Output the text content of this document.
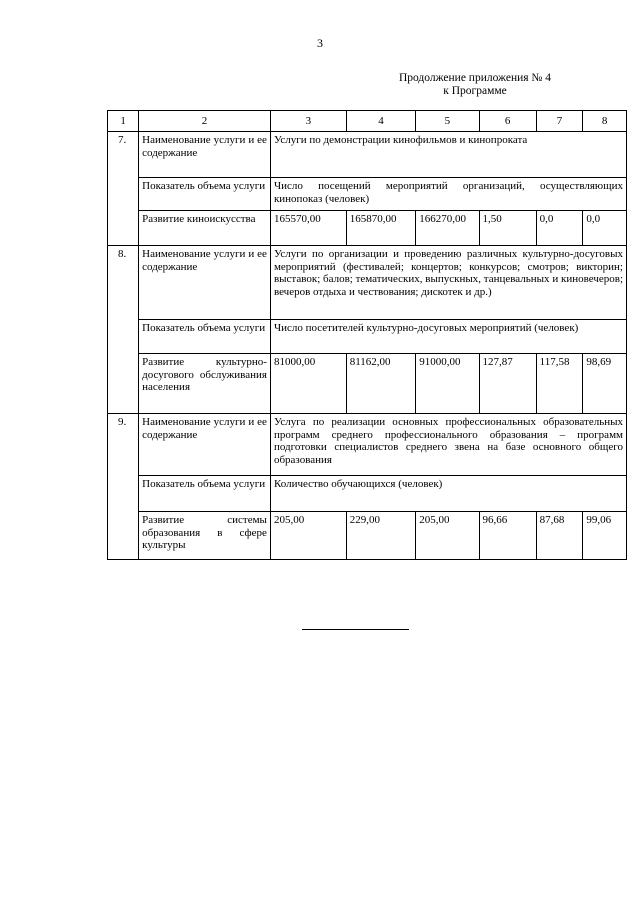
3
Продолжение приложения № 4
к Программе
1	2	3	4	5	6	7	8
7.	Наименование услуги и ее содержание	Услуги по демонстрации кинофильмов и кинопроката					
	Показатель объема услуги	Число посещений мероприятий организаций, осуществляющих кинопоказ (человек)					
	Развитие киноискусства	165570,00	165870,00	166270,00	1,50	0,0	0,0
8.	Наименование услуги и ее содержание	Услуги по организации и проведению различных культурно-досуговых мероприятий (фестивалей; концертов; конкурсов; смотров; викторин; выставок; балов; тематических, выпускных, танцевальных и киновечеров; вечеров отдыха и чествования; дискотек и др.)					
	Показатель объема услуги	Число посетителей культурно-досуговых мероприятий (человек)					
	Развитие культурно-досугового обслуживания населения	81000,00	81162,00	91000,00	127,87	117,58	98,69
9.	Наименование услуги и ее содержание	Услуга по реализации основных профессиональных образовательных программ среднего профессионального образования – программ подготовки специалистов среднего звена на базе основного общего образования					
	Показатель объема услуги	Количество обучающихся (человек)					
	Развитие системы образования в сфере культуры	205,00	229,00	205,00	96,66	87,68	99,06
